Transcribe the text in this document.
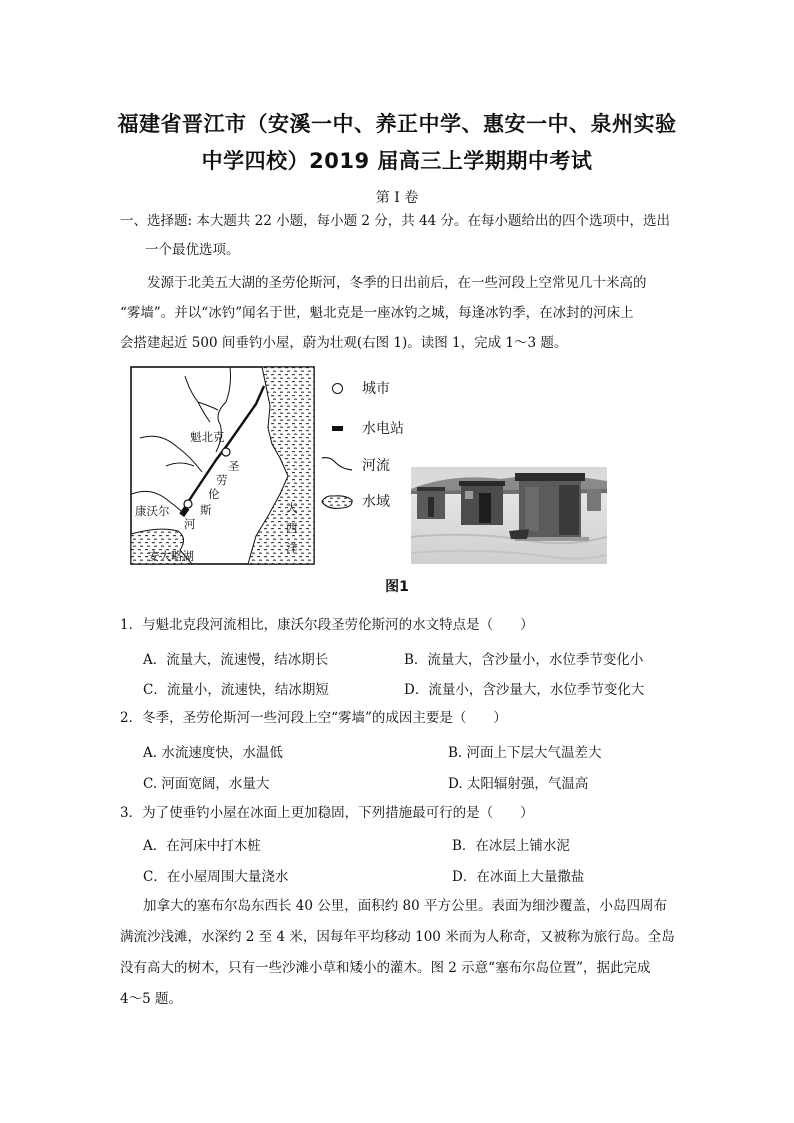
福建省晋江市（安溪一中、养正中学、惠安一中、泉州实验
中学四校）2019 届高三上学期期中考试
第 Ⅰ 卷
一、选择题: 本大题共 22 小题，每小题 2 分，共 44 分。在每小题给出的四个选项中，选出
一个最优选项。
发源于北美五大湖的圣劳伦斯河，冬季的日出前后，在一些河段上空常见几十米高的
“雾墙”。并以“冰钓”闻名于世，魁北克是一座冰钓之城，每逢冰钓季，在冰封的河床上
会搭建起近 500 间垂钓小屋，蔚为壮观(右图 1)。读图 1，完成 1～3 题。
魁北克
康沃尔
安大略湖
圣
劳
伦
斯
河
大
西
洋
城市
水电站
河流
水域
图1
1．与魁北克段河流相比，康沃尔段圣劳伦斯河的水文特点是（　　）
A．流量大，流速慢，结冰期长	B．流量大，含沙量小，水位季节变化小
C．流量小，流速快，结冰期短	D．流量小，含沙量大，水位季节变化大
2．冬季，圣劳伦斯河一些河段上空“雾墙”的成因主要是（　　）
A. 水流速度快，水温低	B. 河面上下层大气温差大
C. 河面宽阔，水量大	D. 太阳辐射强，气温高
3．为了使垂钓小屋在冰面上更加稳固，下列措施最可行的是（　　）
A．在河床中打木桩	B．在冰层上铺水泥
C．在小屋周围大量浇水	D．在冰面上大量撒盐
加拿大的塞布尔岛东西长 40 公里，面积约 80 平方公里。表面为细沙覆盖，小岛四周布
满流沙浅滩，水深约 2 至 4 米，因每年平均移动 100 米而为人称奇，又被称为旅行岛。全岛
没有高大的树木，只有一些沙滩小草和矮小的灌木。图 2 示意“塞布尔岛位置”，据此完成
4～5 题。
